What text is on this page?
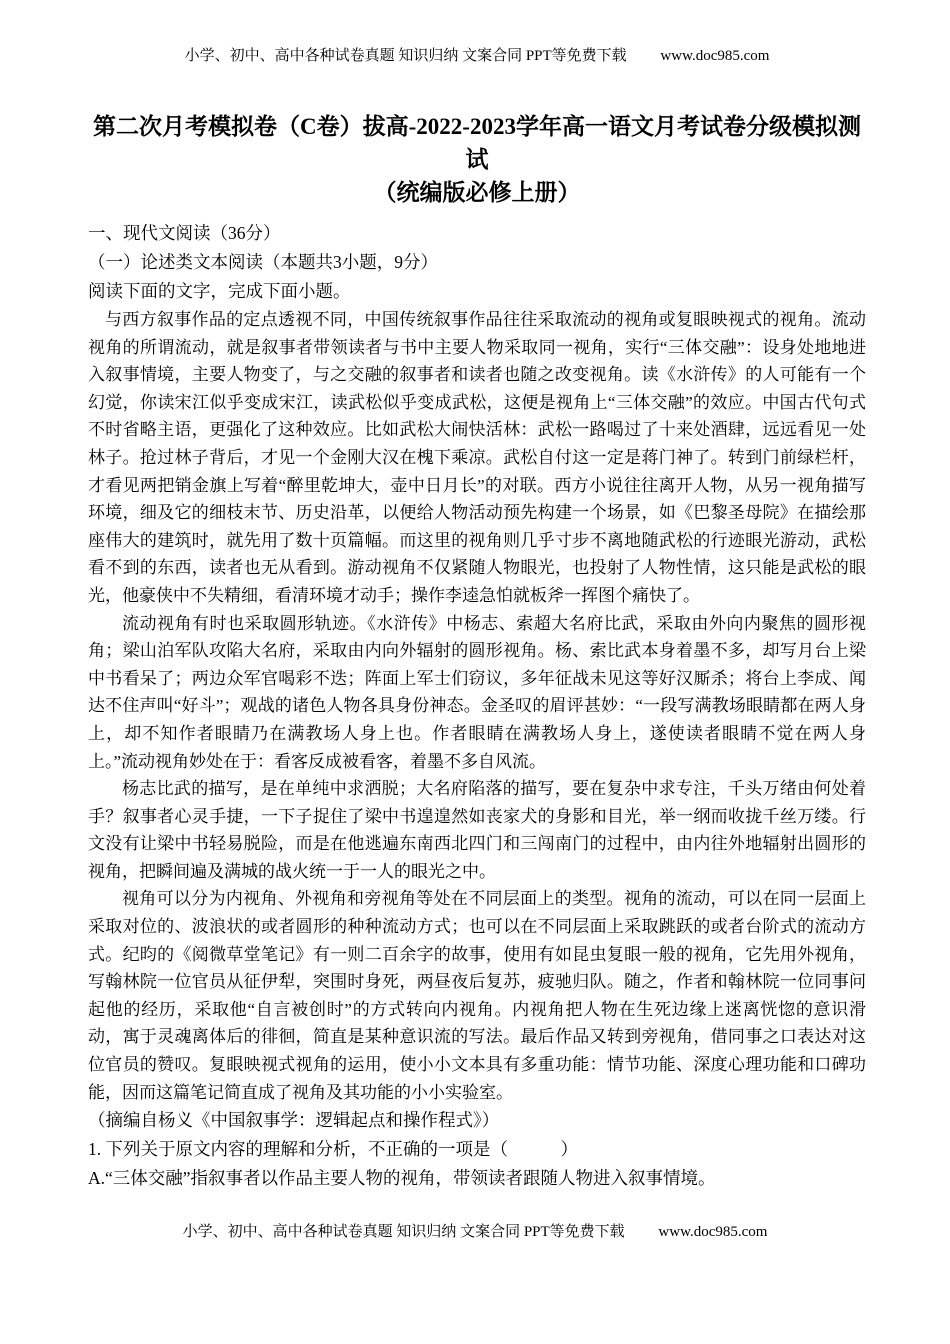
小学、初中、高中各种试卷真题 知识归纳 文案合同 PPT等免费下载 www.doc985.com
第二次月考模拟卷（C卷）拔高-2022-2023学年高一语文月考试卷分级模拟测试
（统编版必修上册）
一、现代文阅读（36分）
（一）论述类文本阅读（本题共3小题，9分）
阅读下面的文字，完成下面小题。

与西方叙事作品的定点透视不同，中国传统叙事作品往往采取流动的视角或复眼映视式的视角。流动视角的所谓流动，就是叙事者带领读者与书中主要人物采取同一视角，实行“三体交融”：设身处地地进入叙事情境，主要人物变了，与之交融的叙事者和读者也随之改变视角。读《水浒传》的人可能有一个幻觉，你读宋江似乎变成宋江，读武松似乎变成武松，这便是视角上“三体交融”的效应。中国古代句式不时省略主语，更强化了这种效应。比如武松大闹快活林：武松一路喝过了十来处酒肆，远远看见一处林子。抢过林子背后，才见一个金刚大汉在槐下乘凉。武松自付这一定是蒋门神了。转到门前绿栏杆，才看见两把销金旗上写着“醉里乾坤大，壶中日月长”的对联。西方小说往往离开人物，从另一视角描写环境，细及它的细枝末节、历史沿革，以便给人物活动预先构建一个场景，如《巴黎圣母院》在描绘那座伟大的建筑时，就先用了数十页篇幅。而这里的视角则几乎寸步不离地随武松的行迹眼光游动，武松看不到的东西，读者也无从看到。游动视角不仅紧随人物眼光，也投射了人物性情，这只能是武松的眼光，他豪侠中不失精细，看清环境才动手；操作李逵急怕就板斧一挥图个痛快了。

流动视角有时也采取圆形轨迹。《水浒传》中杨志、索超大名府比武，采取由外向内聚焦的圆形视角；梁山泊军队攻陷大名府，采取由内向外辐射的圆形视角。杨、索比武本身着墨不多，却写月台上梁中书看呆了；两边众军官喝彩不迭；阵面上军士们窃议，多年征战未见这等好汉厮杀；将台上李成、闻达不住声叫“好斗”；观战的诸色人物各具身份神态。金圣叹的眉评甚妙：“一段写满教场眼睛都在两人身上，却不知作者眼睛乃在满教场人身上也。作者眼睛在满教场人身上，遂使读者眼睛不觉在两人身上。”流动视角妙处在于：看客反成被看客，着墨不多自风流。

杨志比武的描写，是在单纯中求洒脱；大名府陷落的描写，要在复杂中求专注，千头万绪由何处着手？叙事者心灵手捷，一下子捉住了梁中书遑遑然如丧家犬的身影和目光，举一纲而收拢千丝万缕。行文没有让梁中书轻易脱险，而是在他逃遍东南西北四门和三闯南门的过程中，由内往外地辐射出圆形的视角，把瞬间遍及满城的战火统一于一人的眼光之中。

视角可以分为内视角、外视角和旁视角等处在不同层面上的类型。视角的流动，可以在同一层面上采取对位的、波浪状的或者圆形的种种流动方式；也可以在不同层面上采取跳跃的或者台阶式的流动方式。纪昀的《阅微草堂笔记》有一则二百余字的故事，使用有如昆虫复眼一般的视角，它先用外视角，写翰林院一位官员从征伊犁，突围时身死，两昼夜后复苏，疲驰归队。随之，作者和翰林院一位同事问起他的经历，采取他“自言被创时”的方式转向内视角。内视角把人物在生死边缘上迷离恍惚的意识滑动，寓于灵魂离体后的徘徊，简直是某种意识流的写法。最后作品又转到旁视角，借同事之口表达对这位官员的赞叹。复眼映视式视角的运用，使小小文本具有多重功能：情节功能、深度心理功能和口碑功能，因而这篇笔记简直成了视角及其功能的小小实验室。

（摘编自杨义《中国叙事学：逻辑起点和操作程式》）
1. 下列关于原文内容的理解和分析，不正确的一项是（　　　）
A.“三体交融”指叙事者以作品主要人物的视角，带领读者跟随人物进入叙事情境。
小学、初中、高中各种试卷真题 知识归纳 文案合同 PPT等免费下载 www.doc985.com
